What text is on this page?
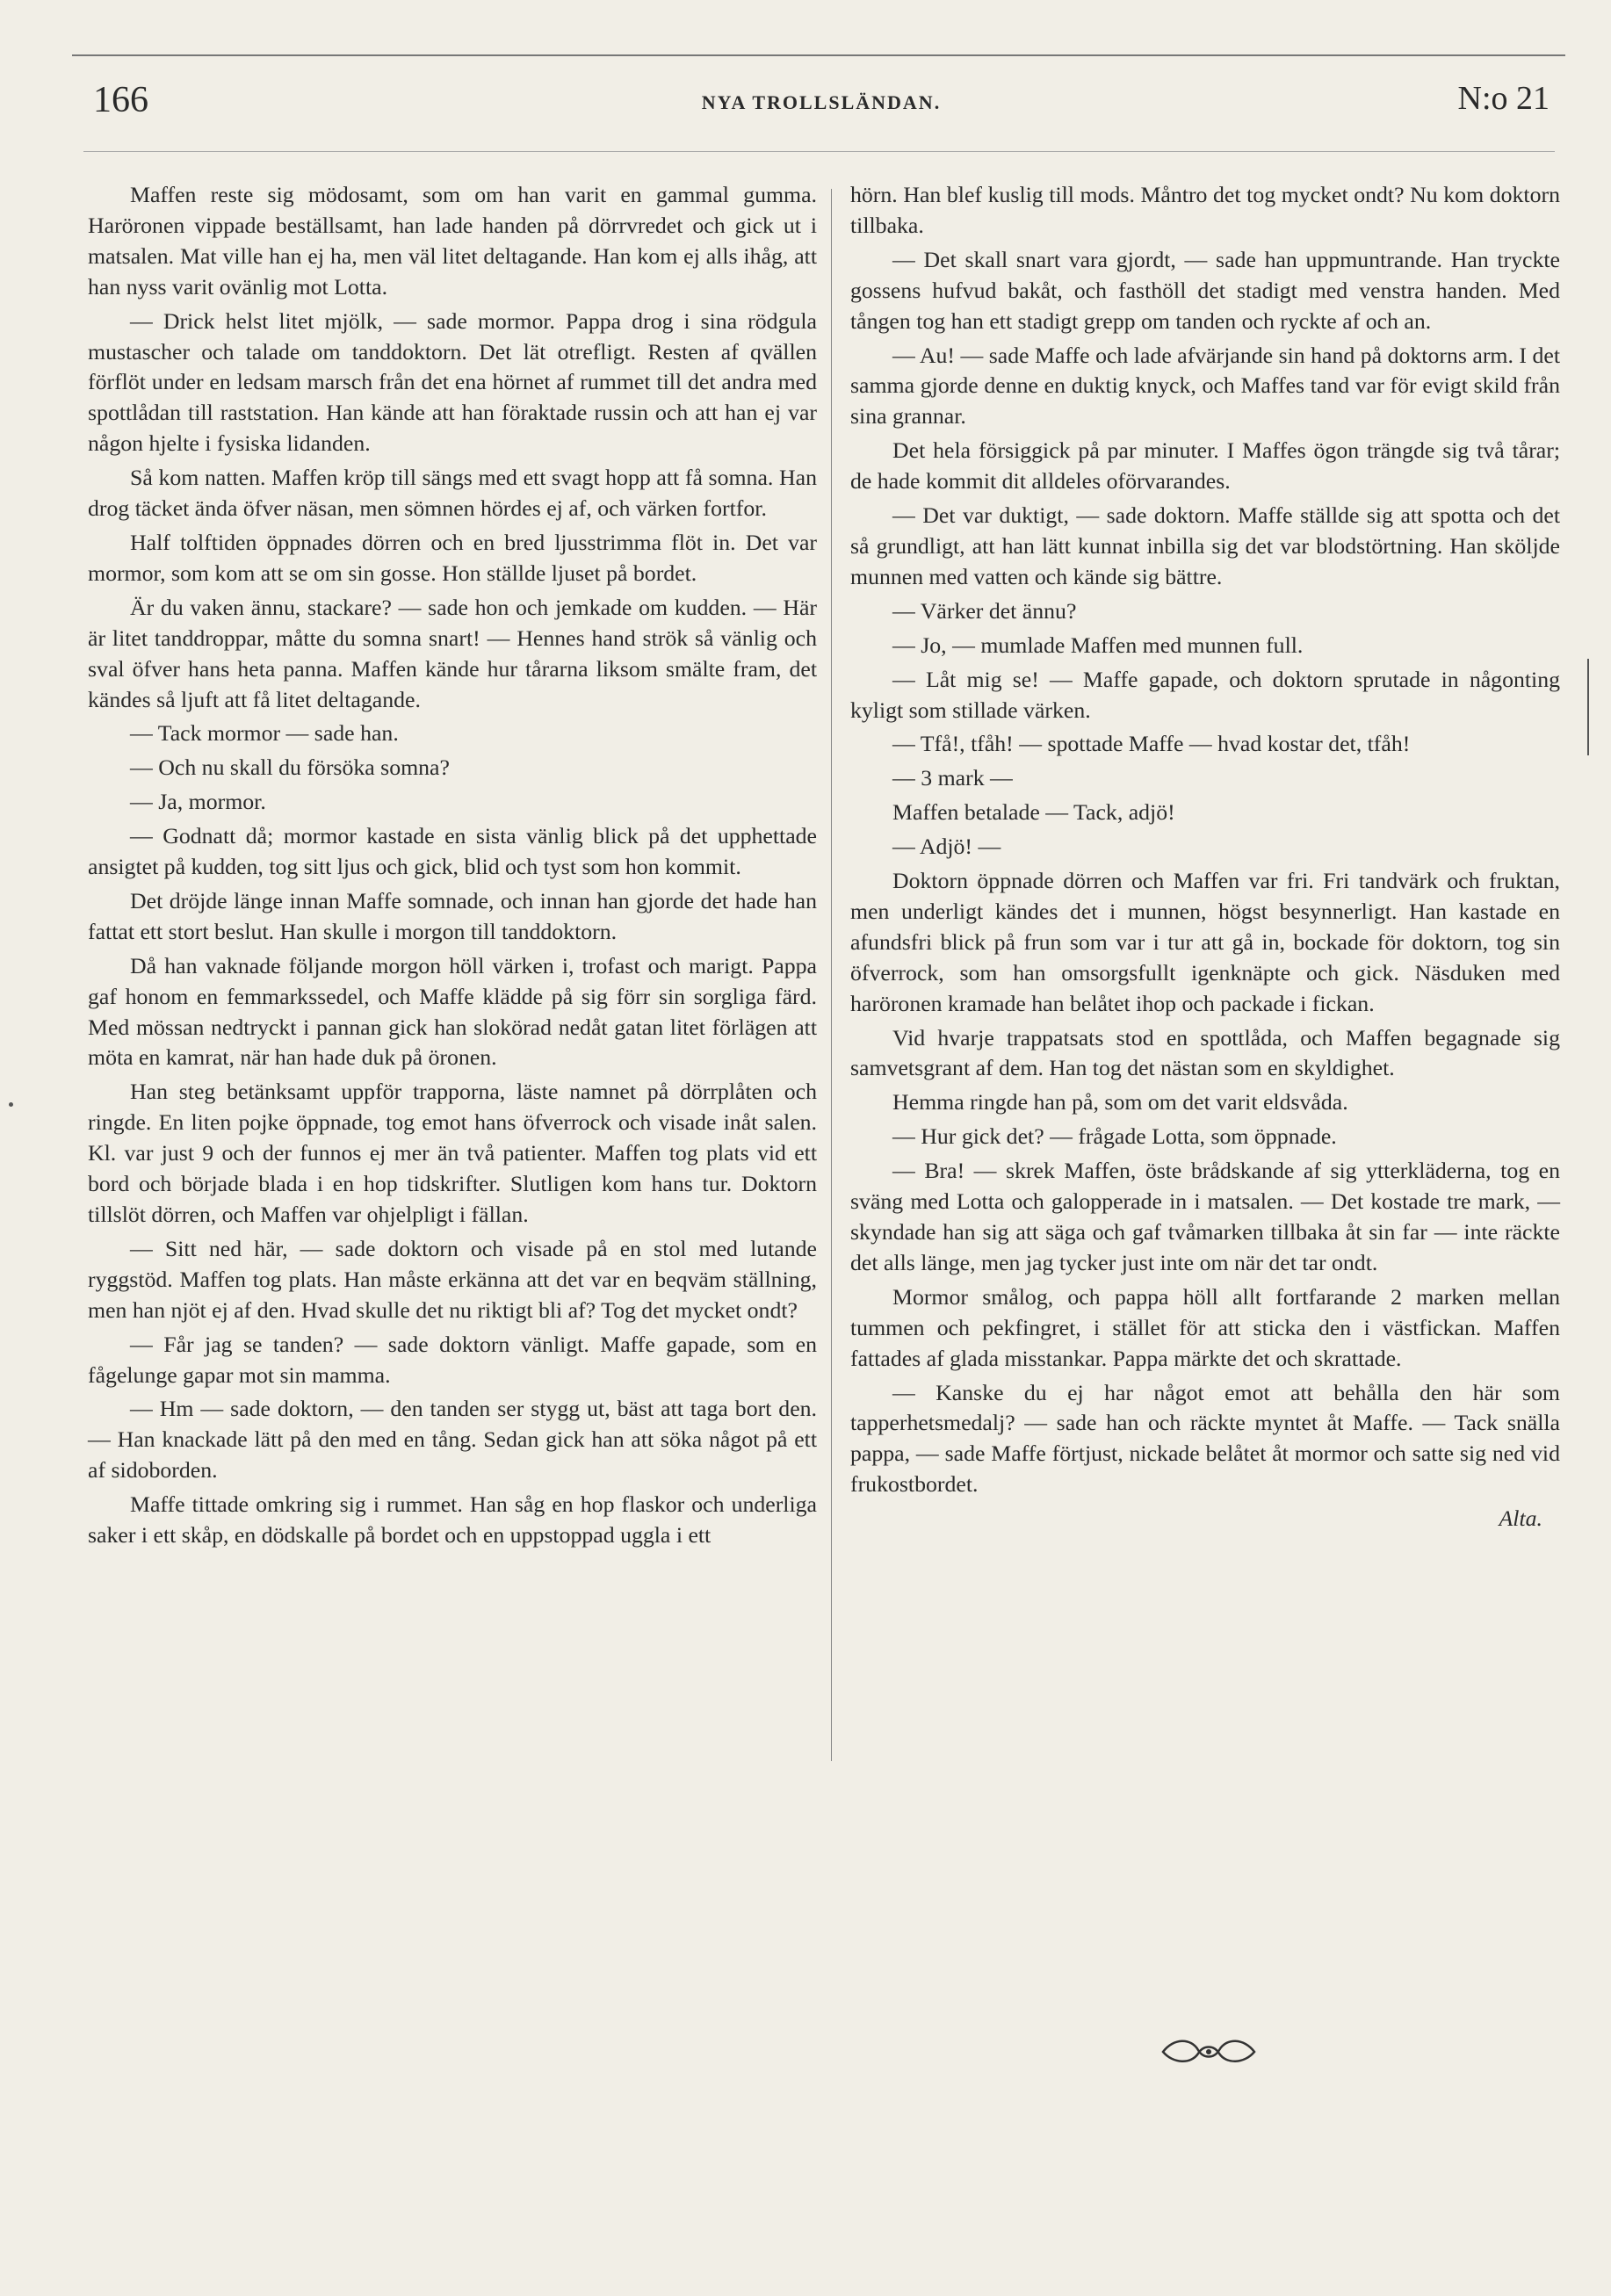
166	NYA TROLLSLÄNDAN.	N:o 21

Maffen reste sig mödosamt, som om han varit en gammal gumma. Haröronen vippade beställsamt, han lade handen på dörrvredet och gick ut i matsalen. Mat ville han ej ha, men väl litet deltagande. Han kom ej alls ihåg, att han nyss varit ovänlig mot Lotta.

— Drick helst litet mjölk, — sade mormor. Pappa drog i sina rödgula mustascher och talade om tanddoktorn. Det lät otrefligt. Resten af qvällen förflöt under en ledsam marsch från det ena hörnet af rummet till det andra med spottlådan till raststation. Han kände att han föraktade russin och att han ej var någon hjelte i fysiska lidanden.

Så kom natten. Maffen kröp till sängs med ett svagt hopp att få somna. Han drog täcket ända öfver näsan, men sömnen hördes ej af, och värken fortfor.

Half tolftiden öppnades dörren och en bred ljusstrimma flöt in. Det var mormor, som kom att se om sin gosse. Hon ställde ljuset på bordet.

Är du vaken ännu, stackare? — sade hon och jemkade om kudden. — Här är litet tanddroppar, måtte du somna snart! — Hennes hand strök så vänlig och sval öfver hans heta panna. Maffen kände hur tårarna liksom smälte fram, det kändes så ljuft att få litet deltagande.

— Tack mormor — sade han.

— Och nu skall du försöka somna?

— Ja, mormor.

— Godnatt då; mormor kastade en sista vänlig blick på det upphettade ansigtet på kudden, tog sitt ljus och gick, blid och tyst som hon kommit.

Det dröjde länge innan Maffe somnade, och innan han gjorde det hade han fattat ett stort beslut. Han skulle i morgon till tanddoktorn.

Då han vaknade följande morgon höll värken i, trofast och marigt. Pappa gaf honom en femmarkssedel, och Maffe klädde på sig förr sin sorgliga färd. Med mössan nedtryckt i pannan gick han slokörad nedåt gatan litet förlägen att möta en kamrat, när han hade duk på öronen.

Han steg betänksamt uppför trapporna, läste namnet på dörrplåten och ringde. En liten pojke öppnade, tog emot hans öfverrock och visade inåt salen. Kl. var just 9 och der funnos ej mer än två patienter. Maffen tog plats vid ett bord och började blada i en hop tidskrifter. Slutligen kom hans tur. Doktorn tillslöt dörren, och Maffen var ohjelpligt i fällan.

— Sitt ned här, — sade doktorn och visade på en stol med lutande ryggstöd. Maffen tog plats. Han måste erkänna att det var en beqväm ställning, men han njöt ej af den. Hvad skulle det nu riktigt bli af? Tog det mycket ondt?

— Får jag se tanden? — sade doktorn vänligt. Maffe gapade, som en fågelunge gapar mot sin mamma.

— Hm — sade doktorn, — den tanden ser stygg ut, bäst att taga bort den. — Han knackade lätt på den med en tång. Sedan gick han att söka något på ett af sidoborden.

Maffe tittade omkring sig i rummet. Han såg en hop flaskor och underliga saker i ett skåp, en dödskalle på bordet och en uppstoppad uggla i ett

hörn. Han blef kuslig till mods. Måntro det tog mycket ondt? Nu kom doktorn tillbaka.

— Det skall snart vara gjordt, — sade han uppmuntrande. Han tryckte gossens hufvud bakåt, och fasthöll det stadigt med venstra handen. Med tången tog han ett stadigt grepp om tanden och ryckte af och an.

— Au! — sade Maffe och lade afvärjande sin hand på doktorns arm. I det samma gjorde denne en duktig knyck, och Maffes tand var för evigt skild från sina grannar.

Det hela försiggick på par minuter. I Maffes ögon trängde sig två tårar; de hade kommit dit alldeles oförvarandes.

— Det var duktigt, — sade doktorn. Maffe ställde sig att spotta och det så grundligt, att han lätt kunnat inbilla sig det var blodstörtning. Han sköljde munnen med vatten och kände sig bättre.

— Värker det ännu?

— Jo, — mumlade Maffen med munnen full.

— Låt mig se! — Maffe gapade, och doktorn sprutade in någonting kyligt som stillade värken.

— Tfå!, tfåh! — spottade Maffe — hvad kostar det, tfåh!

— 3 mark —

Maffen betalade — Tack, adjö!

— Adjö! —

Doktorn öppnade dörren och Maffen var fri. Fri tandvärk och fruktan, men underligt kändes det i munnen, högst besynnerligt. Han kastade en afundsfri blick på frun som var i tur att gå in, bockade för doktorn, tog sin öfverrock, som han omsorgsfullt igenknäpte och gick. Näsduken med haröronen kramade han belåtet ihop och packade i fickan.

Vid hvarje trappatsats stod en spottlåda, och Maffen begagnade sig samvetsgrant af dem. Han tog det nästan som en skyldighet.

Hemma ringde han på, som om det varit eldsvåda.

— Hur gick det? — frågade Lotta, som öppnade.

— Bra! — skrek Maffen, öste brådskande af sig ytterkläderna, tog en sväng med Lotta och galopperade in i matsalen. — Det kostade tre mark, — skyndade han sig att säga och gaf tvåmarken tillbaka åt sin far — inte räckte det alls länge, men jag tycker just inte om när det tar ondt.

Mormor smålog, och pappa höll allt fortfarande 2 marken mellan tummen och pekfingret, i stället för att sticka den i västfickan. Maffen fattades af glada misstankar. Pappa märkte det och skrattade.

— Kanske du ej har något emot att behålla den här som tapperhetsmedalj? — sade han och räckte myntet åt Maffe. — Tack snälla pappa, — sade Maffe förtjust, nickade belåtet åt mormor och satte sig ned vid frukostbordet.

Alta.
